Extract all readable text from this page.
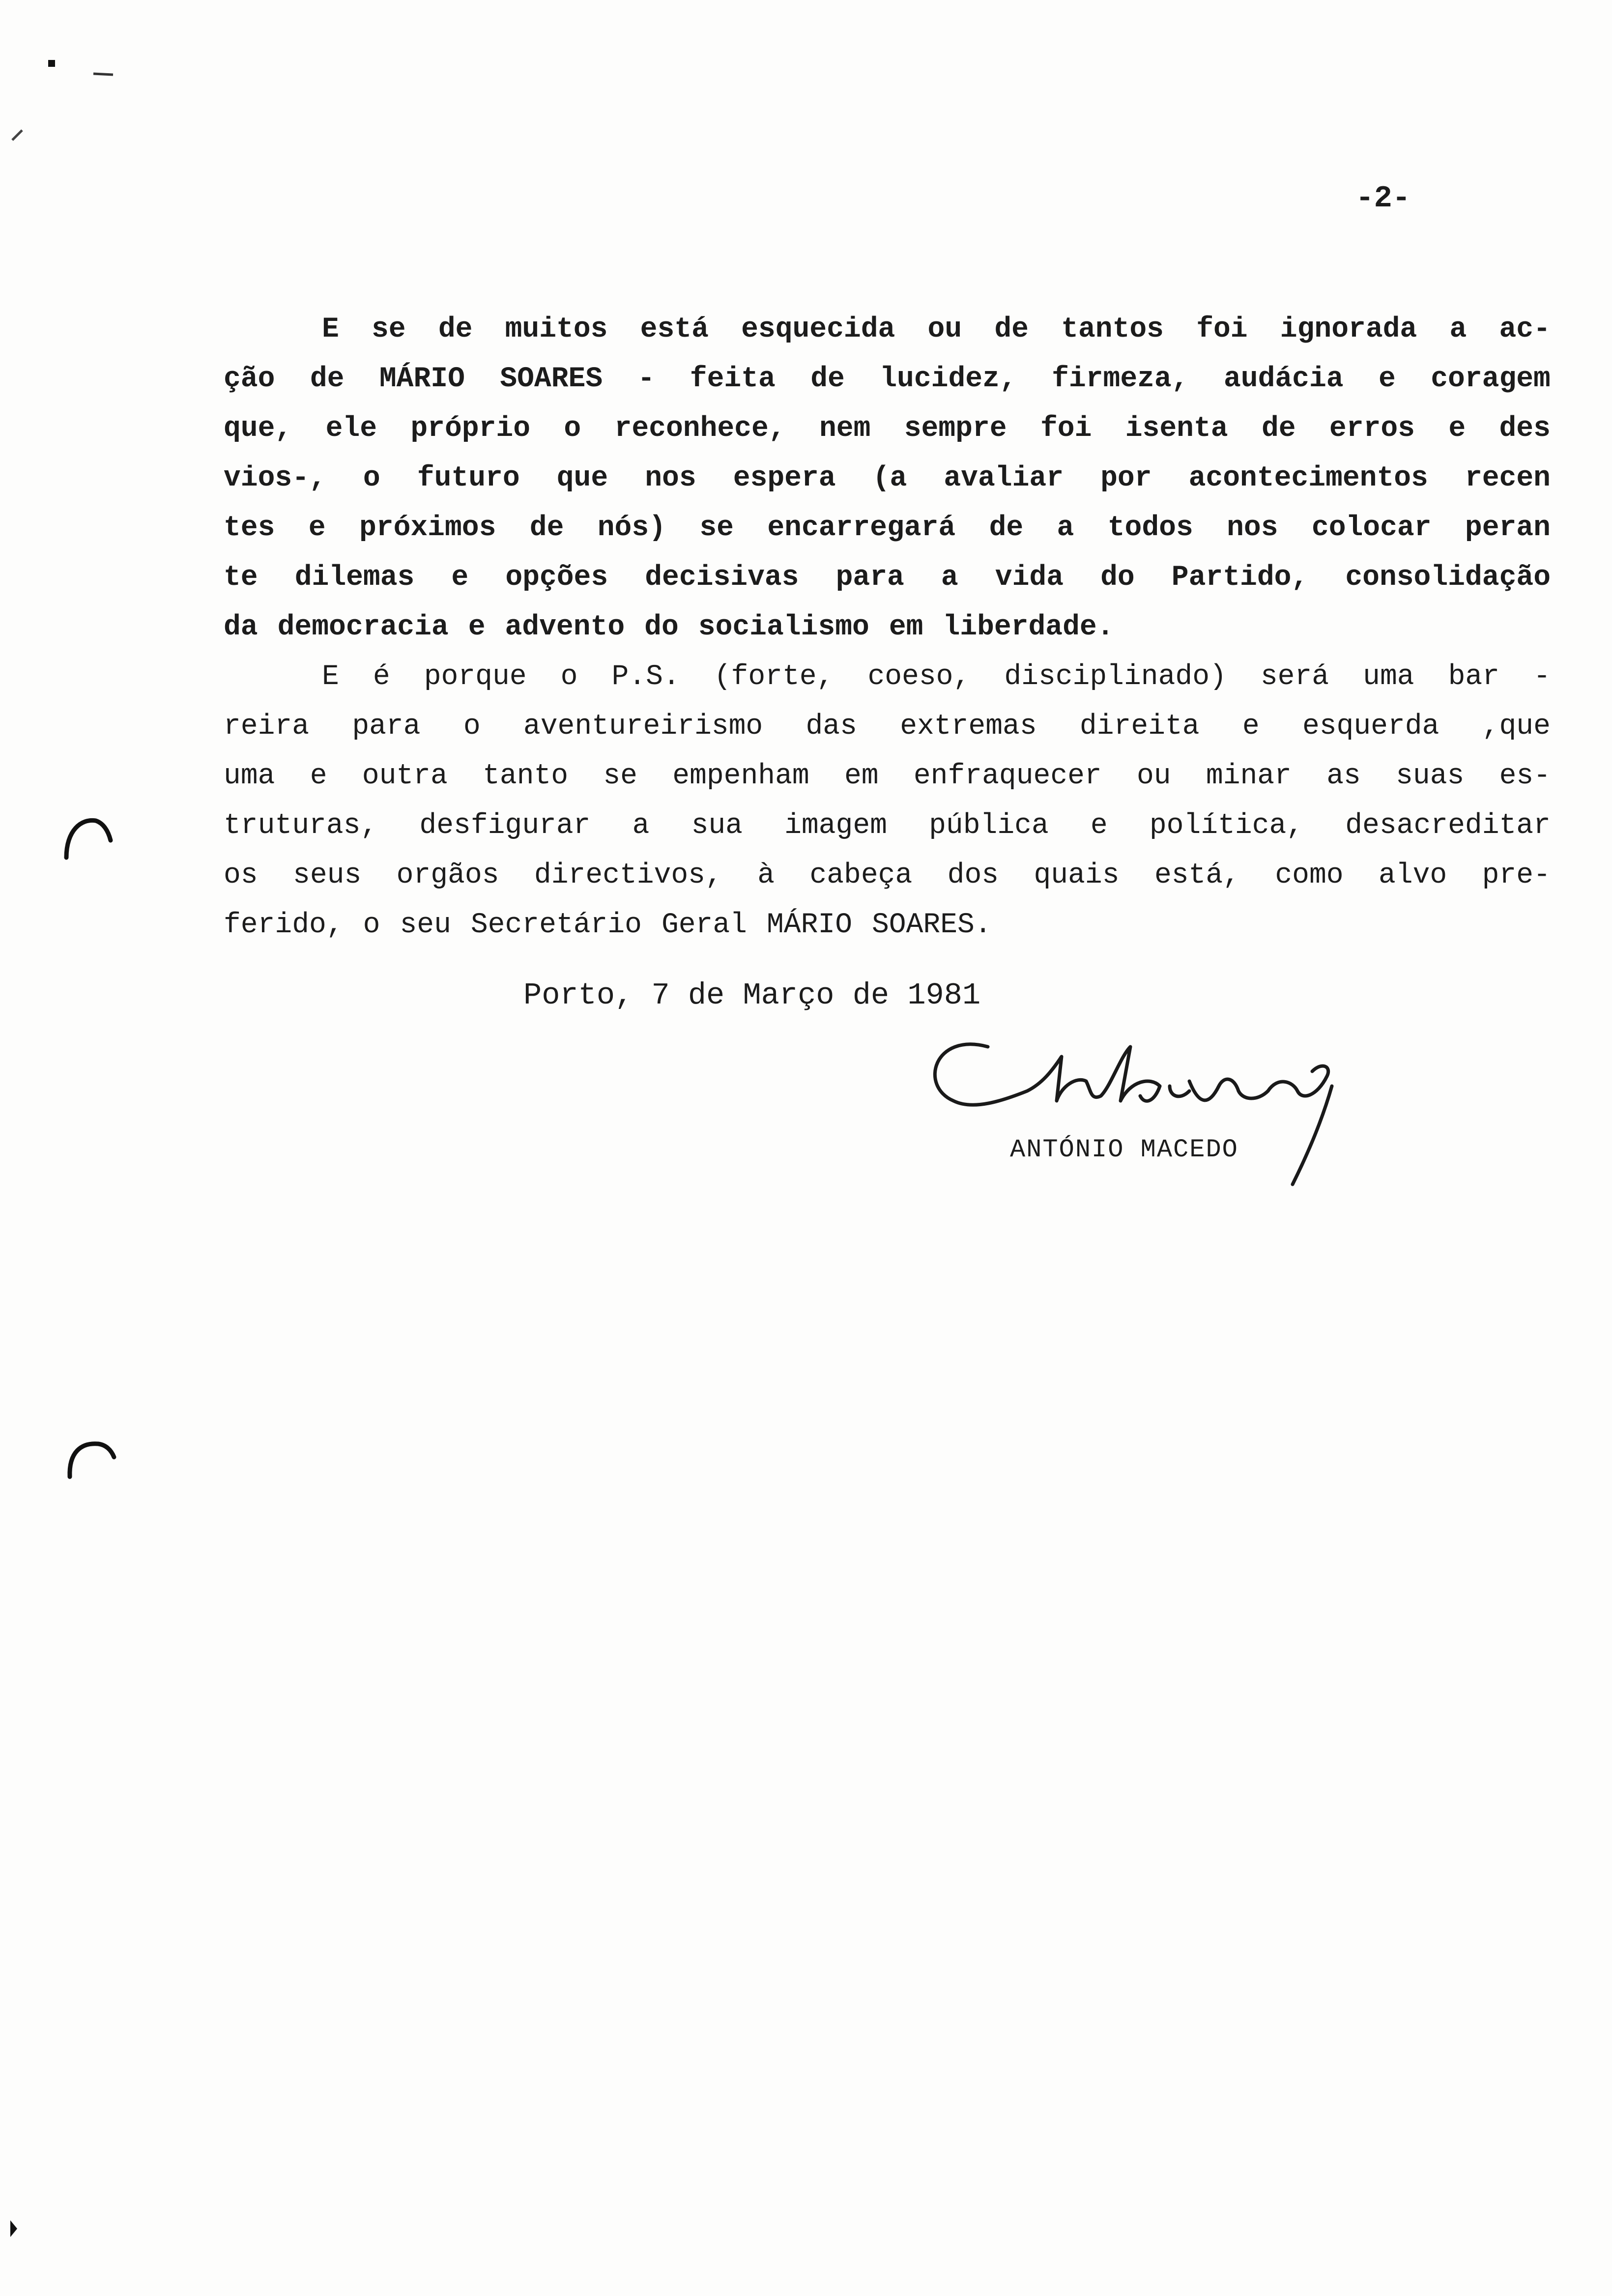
-2-
E se de muitos está esquecida ou de tantos foi ignorada a ac-
ção de MÁRIO SOARES - feita de lucidez, firmeza, audácia e coragem
que, ele próprio o reconhece, nem sempre foi isenta de erros e des
vios-, o futuro que nos espera (a avaliar por acontecimentos recen
tes e próximos de nós) se encarregará de a todos nos colocar peran
te dilemas e opções decisivas para a vida do Partido, consolidação
da democracia e advento do socialismo em liberdade.
E é porque o P.S. (forte, coeso, disciplinado) será uma bar -
reira para o aventureirismo das extremas direita e esquerda ,que
uma e outra tanto se empenham em enfraquecer ou minar as suas es-
truturas, desfigurar a sua imagem pública e política, desacreditar
os seus orgãos directivos, à cabeça dos quais está, como alvo pre-
ferido, o seu Secretário Geral MÁRIO SOARES.
Porto, 7 de Março de 1981
ANTÓNIO MACEDO
